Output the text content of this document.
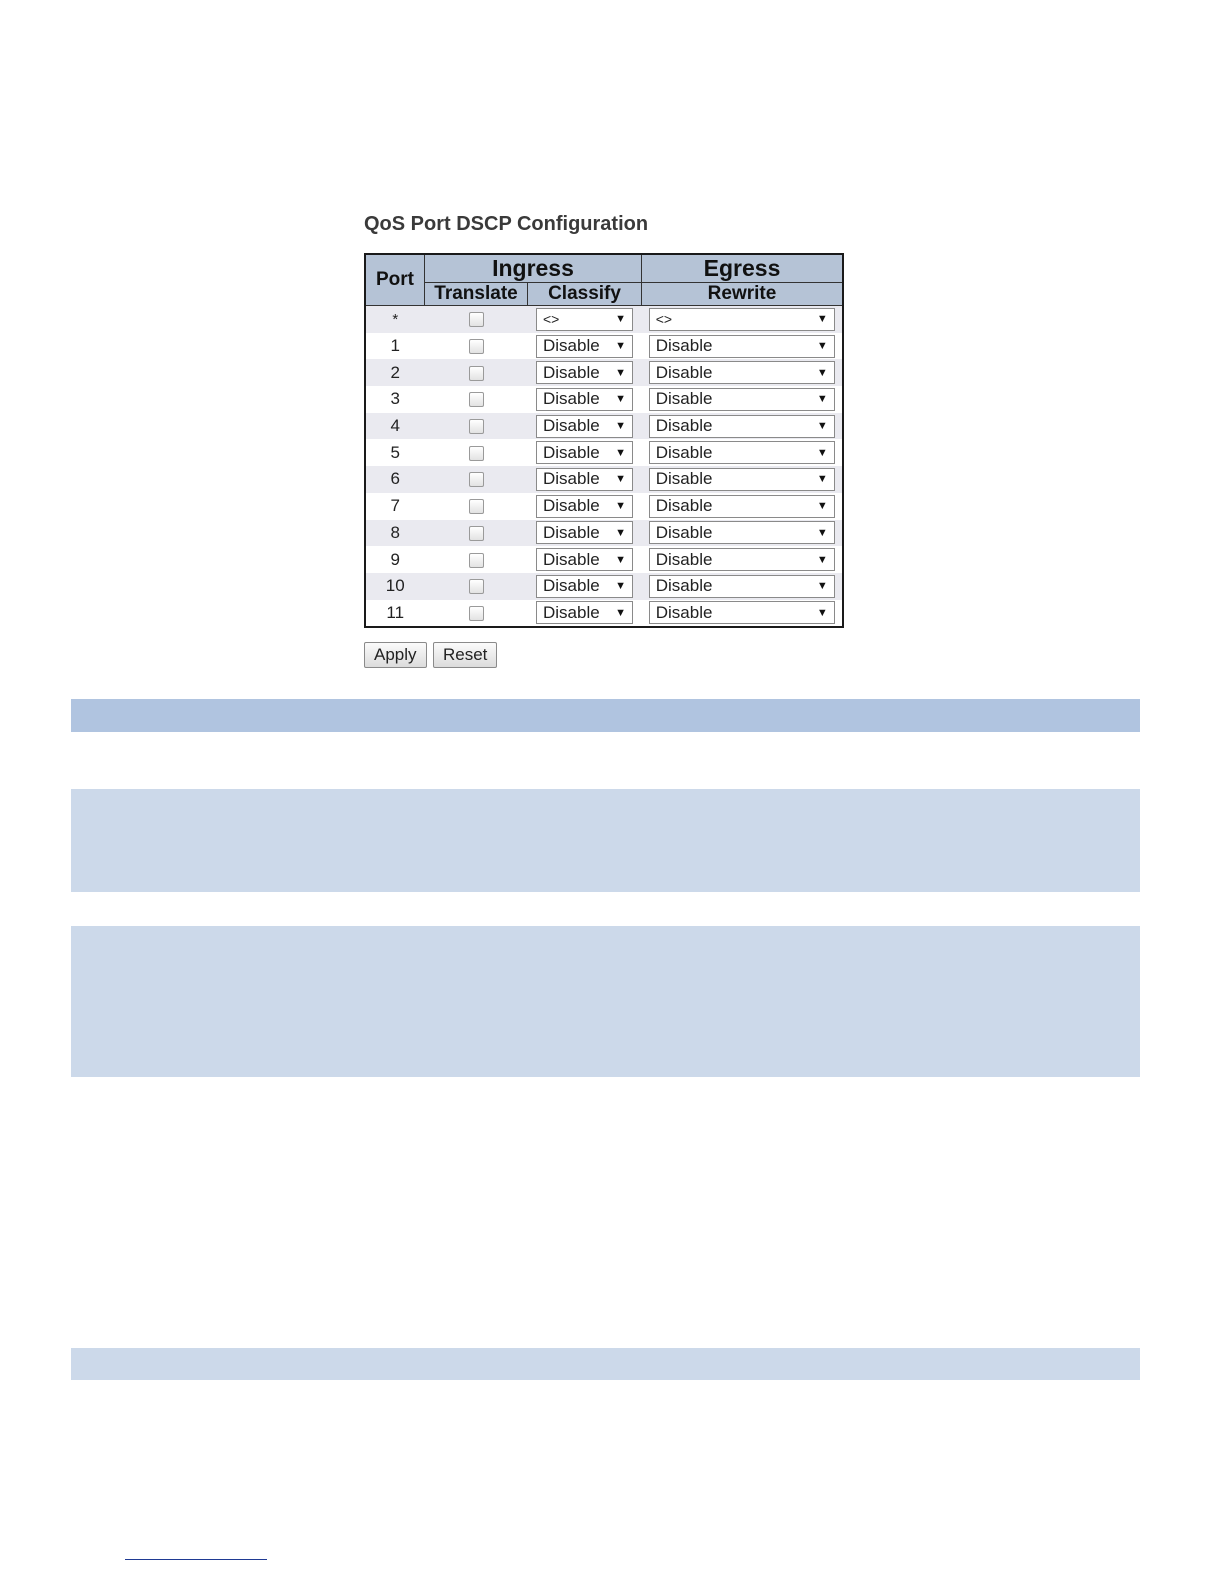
QoS Port DSCP Configuration
Port	Ingress		Egress
	Translate	Classify	Rewrite
*		<> ▼	<> ▼

1		Disable ▼	Disable ▼

2		Disable ▼	Disable ▼

3		Disable ▼	Disable ▼

4		Disable ▼	Disable ▼

5		Disable ▼	Disable ▼

6		Disable ▼	Disable ▼

7		Disable ▼	Disable ▼

8		Disable ▼	Disable ▼

9		Disable ▼	Disable ▼

10		Disable ▼	Disable ▼

11		Disable ▼	Disable ▼
Apply Reset
